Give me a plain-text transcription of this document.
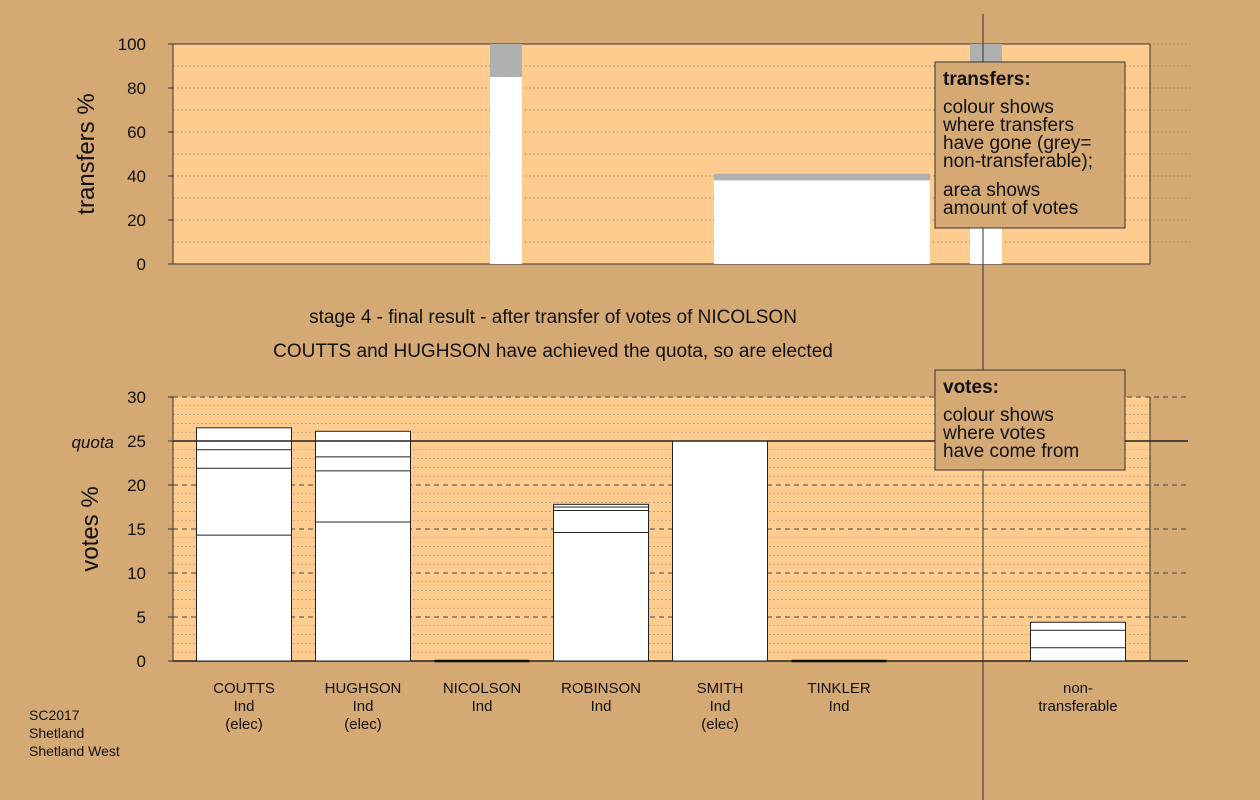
0
20
40
60
80
100
transfers %
stage 4 - final result - after transfer of votes of NICOLSON
COUTTS and HUGHSON have achieved the quota, so are elected
0
5
10
15
20
25
30
votes %
quota
COUTTS
Ind
(elec)
HUGHSON
Ind
(elec)
NICOLSON
Ind
ROBINSON
Ind
SMITH
Ind
(elec)
TINKLER
Ind
non-
transferable
transfers:
colour shows
where transfers
have gone (grey=
non-transferable);
area shows
amount of votes
votes:
colour shows
where votes
have come from
SC2017
Shetland
Shetland West
